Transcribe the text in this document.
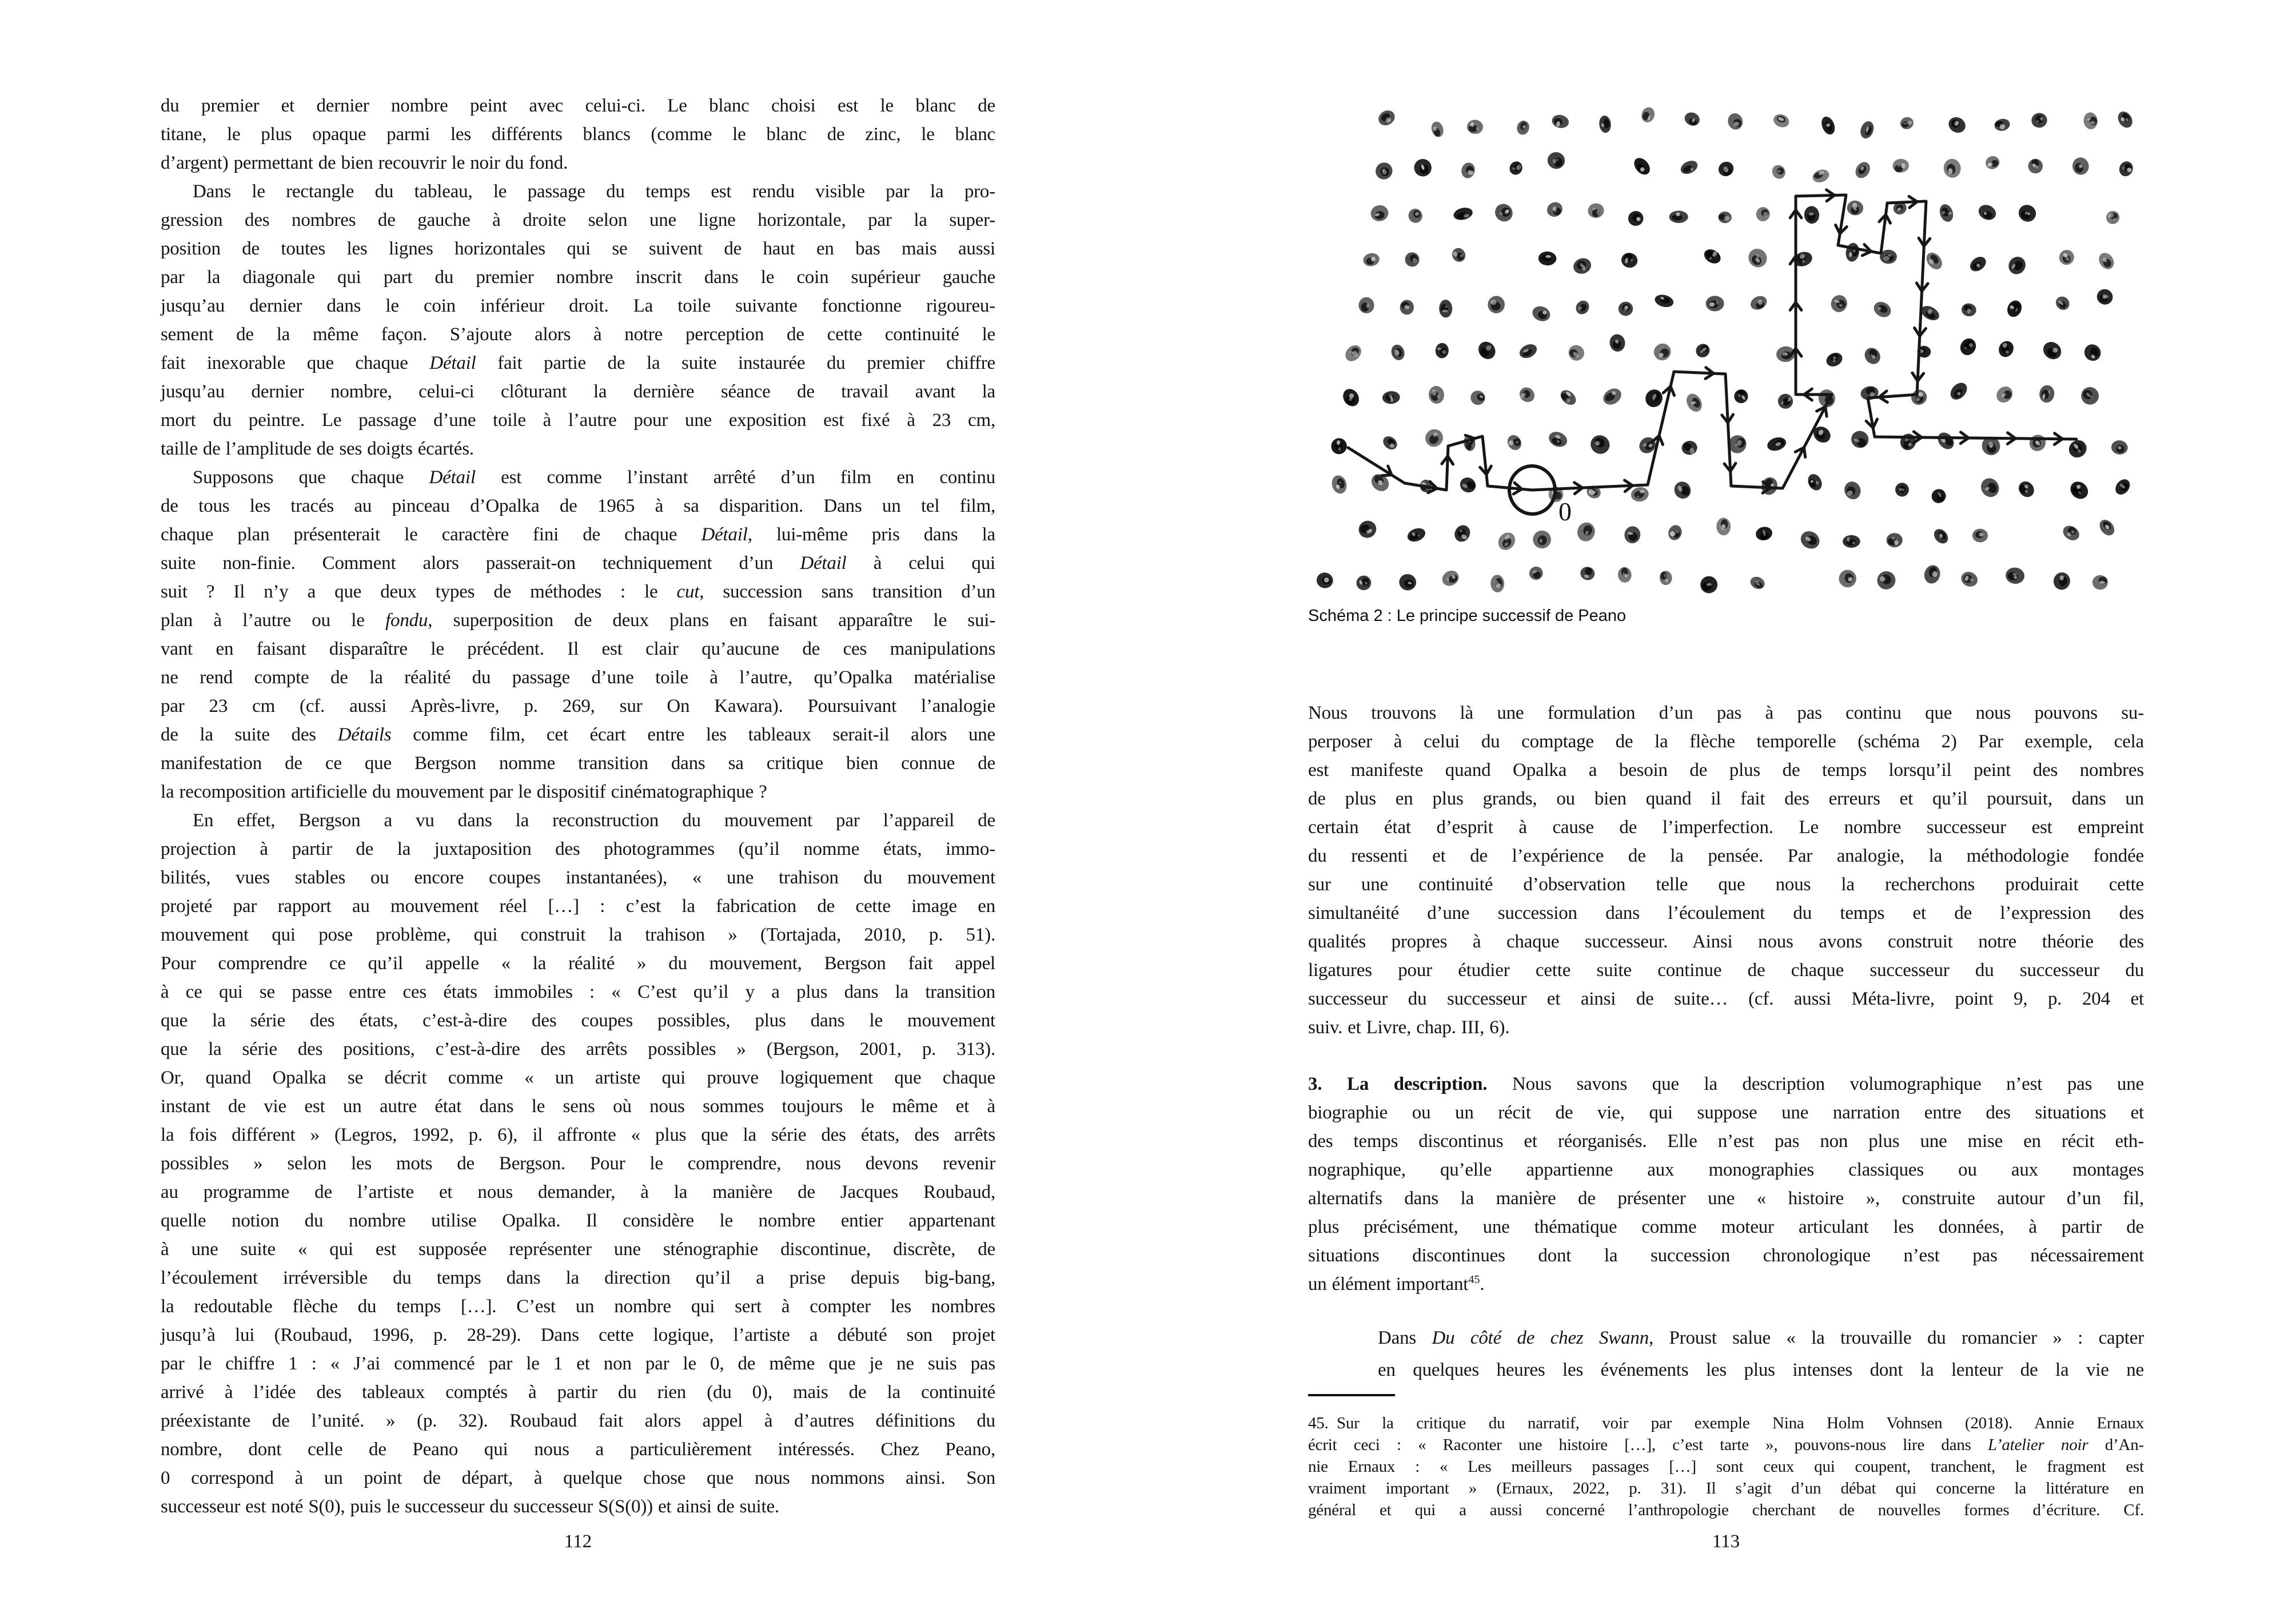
du premier et dernier nombre peint avec celui-ci. Le blanc choisi est le blanc de
titane, le plus opaque parmi les différents blancs (comme le blanc de zinc, le blanc
d’argent) permettant de bien recouvrir le noir du fond.
Dans le rectangle du tableau, le passage du temps est rendu visible par la pro-
gression des nombres de gauche à droite selon une ligne horizontale, par la super-
position de toutes les lignes horizontales qui se suivent de haut en bas mais aussi
par la diagonale qui part du premier nombre inscrit dans le coin supérieur gauche
jusqu’au dernier dans le coin inférieur droit. La toile suivante fonctionne rigoureu-
sement de la même façon. S’ajoute alors à notre perception de cette continuité le
fait inexorable que chaque Détail fait partie de la suite instaurée du premier chiffre
jusqu’au dernier nombre, celui-ci clôturant la dernière séance de travail avant la
mort du peintre. Le passage d’une toile à l’autre pour une exposition est fixé à 23 cm,
taille de l’amplitude de ses doigts écartés.
Supposons que chaque Détail est comme l’instant arrêté d’un film en continu
de tous les tracés au pinceau d’Opalka de 1965 à sa disparition. Dans un tel film,
chaque plan présenterait le caractère fini de chaque Détail, lui-même pris dans la
suite non-finie. Comment alors passerait-on techniquement d’un Détail à celui qui
suit ? Il n’y a que deux types de méthodes : le cut, succession sans transition d’un
plan à l’autre ou le fondu, superposition de deux plans en faisant apparaître le sui-
vant en faisant disparaître le précédent. Il est clair qu’aucune de ces manipulations
ne rend compte de la réalité du passage d’une toile à l’autre, qu’Opalka matérialise
par 23 cm (cf. aussi Après-livre, p. 269, sur On Kawara). Poursuivant l’analogie
de la suite des Détails comme film, cet écart entre les tableaux serait-il alors une
manifestation de ce que Bergson nomme transition dans sa critique bien connue de
la recomposition artificielle du mouvement par le dispositif cinématographique ?
En effet, Bergson a vu dans la reconstruction du mouvement par l’appareil de
projection à partir de la juxtaposition des photogrammes (qu’il nomme états, immo-
bilités, vues stables ou encore coupes instantanées), « une trahison du mouvement
projeté par rapport au mouvement réel […] : c’est la fabrication de cette image en
mouvement qui pose problème, qui construit la trahison » (Tortajada, 2010, p. 51).
Pour comprendre ce qu’il appelle « la réalité » du mouvement, Bergson fait appel
à ce qui se passe entre ces états immobiles : « C’est qu’il y a plus dans la transition
que la série des états, c’est-à-dire des coupes possibles, plus dans le mouvement
que la série des positions, c’est-à-dire des arrêts possibles » (Bergson, 2001, p. 313).
Or, quand Opalka se décrit comme « un artiste qui prouve logiquement que chaque
instant de vie est un autre état dans le sens où nous sommes toujours le même et à
la fois différent » (Legros, 1992, p. 6), il affronte « plus que la série des états, des arrêts
possibles » selon les mots de Bergson. Pour le comprendre, nous devons revenir
au programme de l’artiste et nous demander, à la manière de Jacques Roubaud,
quelle notion du nombre utilise Opalka. Il considère le nombre entier appartenant
à une suite « qui est supposée représenter une sténographie discontinue, discrète, de
l’écoulement irréversible du temps dans la direction qu’il a prise depuis big-bang,
la redoutable flèche du temps […]. C’est un nombre qui sert à compter les nombres
jusqu’à lui (Roubaud, 1996, p. 28-29). Dans cette logique, l’artiste a débuté son projet
par le chiffre 1 : « J’ai commencé par le 1 et non par le 0, de même que je ne suis pas
arrivé à l’idée des tableaux comptés à partir du rien (du 0), mais de la continuité
préexistante de l’unité. » (p. 32). Roubaud fait alors appel à d’autres définitions du
nombre, dont celle de Peano qui nous a particulièrement intéressés. Chez Peano,
0 correspond à un point de départ, à quelque chose que nous nommons ainsi. Son
successeur est noté S(0), puis le successeur du successeur S(S(0)) et ainsi de suite.
112
0
Schéma 2 : Le principe successif de Peano
Nous trouvons là une formulation d’un pas à pas continu que nous pouvons su-
perposer à celui du comptage de la flèche temporelle (schéma 2) Par exemple, cela
est manifeste quand Opalka a besoin de plus de temps lorsqu’il peint des nombres
de plus en plus grands, ou bien quand il fait des erreurs et qu’il poursuit, dans un
certain état d’esprit à cause de l’imperfection. Le nombre successeur est empreint
du ressenti et de l’expérience de la pensée. Par analogie, la méthodologie fondée
sur une continuité d’observation telle que nous la recherchons produirait cette
simultanéité d’une succession dans l’écoulement du temps et de l’expression des
qualités propres à chaque successeur. Ainsi nous avons construit notre théorie des
ligatures pour étudier cette suite continue de chaque successeur du successeur du
successeur du successeur et ainsi de suite… (cf. aussi Méta-livre, point 9, p. 204 et
suiv. et Livre, chap. III, 6).
3. La description. Nous savons que la description volumographique n’est pas une
biographie ou un récit de vie, qui suppose une narration entre des situations et
des temps discontinus et réorganisés. Elle n’est pas non plus une mise en récit eth-
nographique, qu’elle appartienne aux monographies classiques ou aux montages
alternatifs dans la manière de présenter une « histoire », construite autour d’un fil,
plus précisément, une thématique comme moteur articulant les données, à partir de
situations discontinues dont la succession chronologique n’est pas nécessairement
un élément important$^{45}$.
Dans Du côté de chez Swann, Proust salue « la trouvaille du romancier » : capter
en quelques heures les événements les plus intenses dont la lenteur de la vie ne
45. Sur la critique du narratif, voir par exemple Nina Holm Vohnsen (2018). Annie Ernaux
écrit ceci : « Raconter une histoire […], c’est tarte », pouvons-nous lire dans L’atelier noir d’An-
nie Ernaux : « Les meilleurs passages […] sont ceux qui coupent, tranchent, le fragment est
vraiment important » (Ernaux, 2022, p. 31). Il s’agit d’un débat qui concerne la littérature en
général et qui a aussi concerné l’anthropologie cherchant de nouvelles formes d’écriture. Cf.
113
